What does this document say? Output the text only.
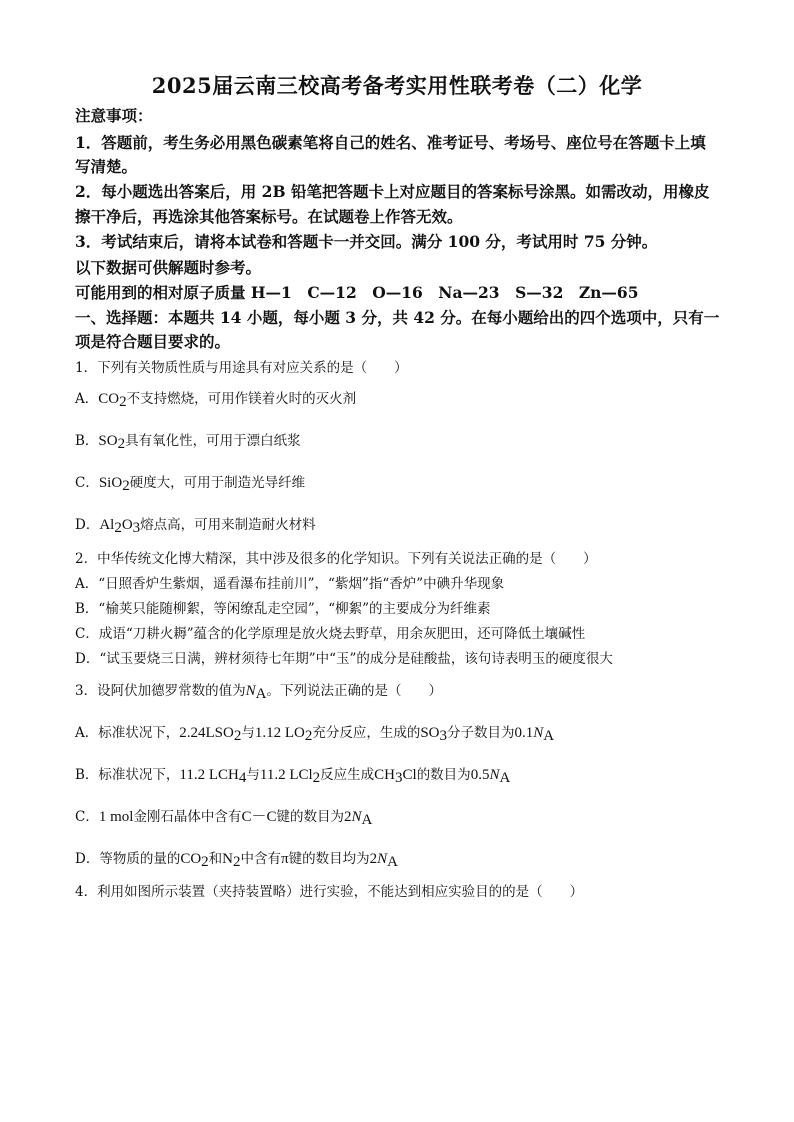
2025届云南三校高考备考实用性联考卷（二）化学
注意事项：
1．答题前，考生务必用黑色碳素笔将自己的姓名、准考证号、考场号、座位号在答题卡上填
写清楚。
2．每小题选出答案后，用 2B 铅笔把答题卡上对应题目的答案标号涂黑。如需改动，用橡皮
擦干净后，再选涂其他答案标号。在试题卷上作答无效。
3．考试结束后，请将本试卷和答题卡一并交回。满分 100 分，考试用时 75 分钟。
以下数据可供解题时参考。
可能用到的相对原子质量 H—1　C—12　O—16　Na—23　S—32　Zn—65
一、选择题：本题共 14 小题，每小题 3 分，共 42 分。在每小题给出的四个选项中，只有一
项是符合题目要求的。
1．下列有关物质性质与用途具有对应关系的是（　　）
A．$CO_2$不支持燃烧，可用作镁着火时的灭火剂
B．$SO_2$具有氧化性，可用于漂白纸浆
C．SiO$_2$硬度大，可用于制造光导纤维
D．$Al_2O_3$熔点高，可用来制造耐火材料
2．中华传统文化博大精深，其中涉及很多的化学知识。下列有关说法正确的是（　　）
A．“日照香炉生紫烟，遥看瀑布挂前川”，“紫烟”指“香炉”中碘升华现象
B．“榆荚只能随柳絮，等闲缭乱走空园”，“柳絮”的主要成分为纤维素
C．成语“刀耕火耨”蕴含的化学原理是放火烧去野草，用余灰肥田，还可降低土壤碱性
D．“试玉要烧三日满，辨材须待七年期”中“玉”的成分是硅酸盐，该句诗表明玉的硬度很大
3．设阿伏加德罗常数的值为$N_A$。下列说法正确的是（　　）
A．标准状况下，$2.24LSO_2$与1.12 $LO_2$充分反应，生成的$SO_3$分子数目为$0.1N_A$
B．标准状况下，11.2 $LCH_4$与11.2 LCl$_2$反应生成$CH_3Cl$的数目为$0.5N_A$
C．1 mol金刚石晶体中含有C－C键的数目为$2N_A$
D．等物质的量的$CO_2$和$N_2$中含有π键的数目均为$2N_A$
4．利用如图所示装置（夹持装置略）进行实验，不能达到相应实验目的的是（　　）
